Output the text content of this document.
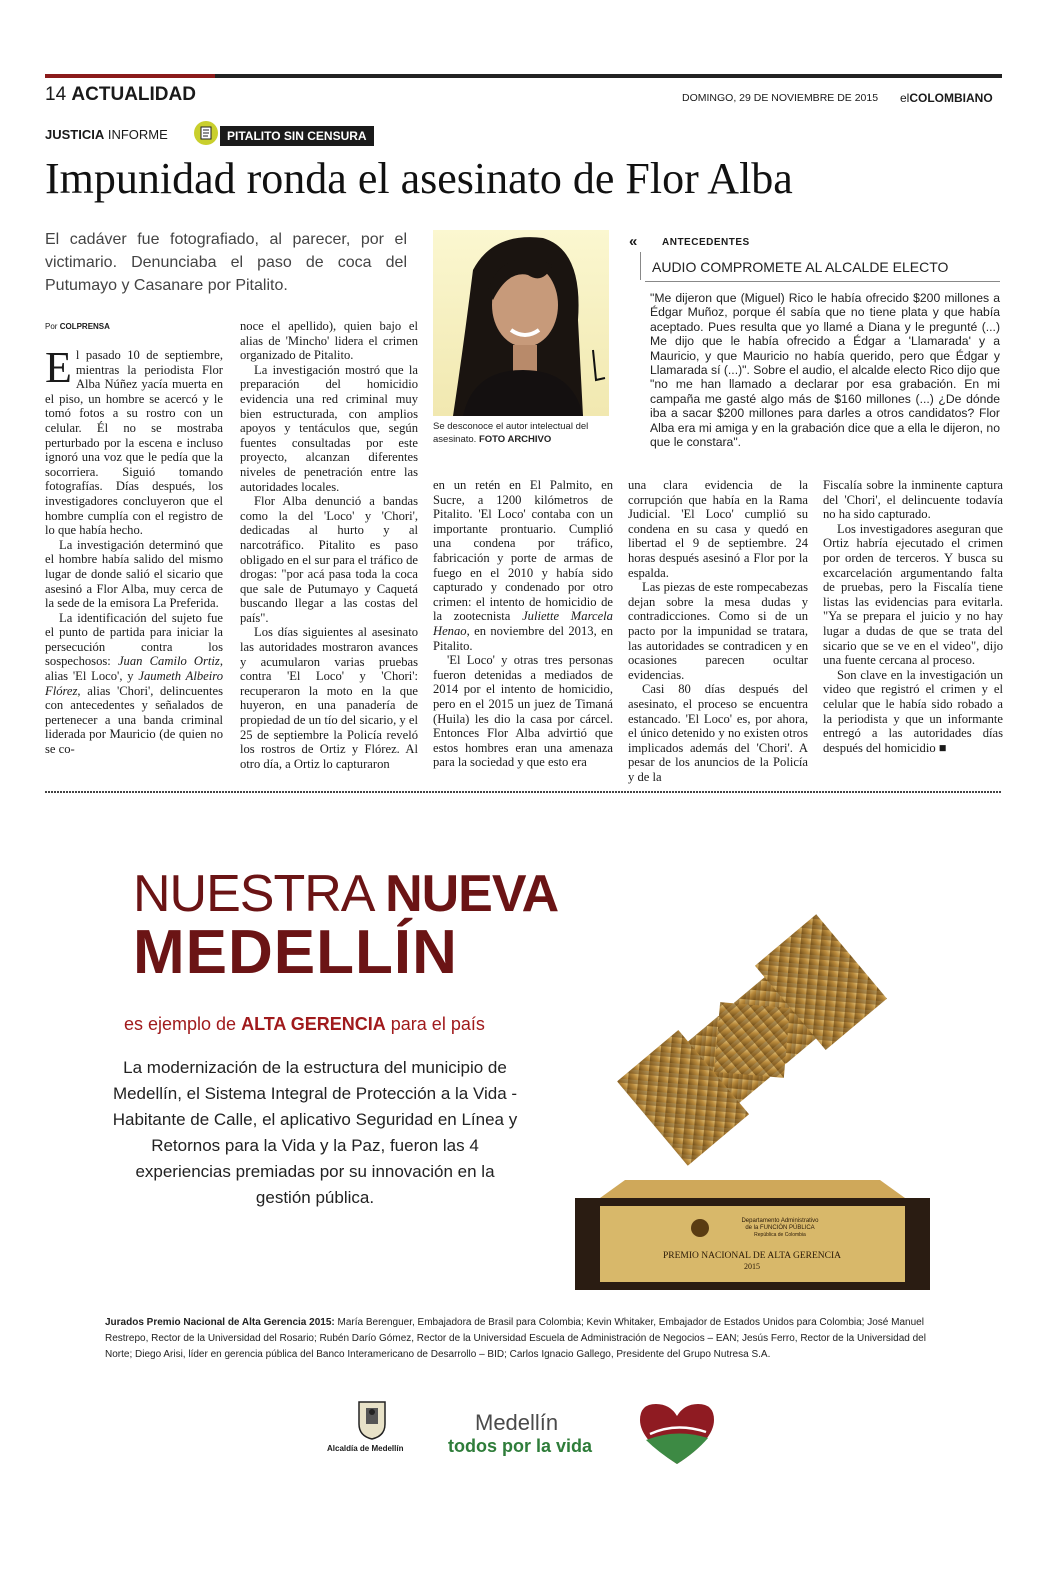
14 ACTUALIDAD	DOMINGO, 29 DE NOVIEMBRE DE 2015 elCOLOMBIANO
JUSTICIA INFORME	PITALITO SIN CENSURA
Impunidad ronda el asesinato de Flor Alba
El cadáver fue fotografiado, al parecer, por el victimario. Denunciaba el paso de coca del Putumayo y Casanare por Pitalito.
Por COLPRENSA
Se desconoce el autor intelectual del asesinato. FOTO ARCHIVO
« ANTECEDENTES
AUDIO COMPROMETE AL ALCALDE ELECTO
"Me dijeron que (Miguel) Rico le había ofrecido $200 millones a Édgar Muñoz, porque él sabía que no tiene plata y que había aceptado. Pues resulta que yo llamé a Diana y le pregunté (...) Me dijo que le había ofrecido a Édgar a 'Llamarada' y a Mauricio, y que Mauricio no había querido, pero que Édgar y Llamarada sí (...)". Sobre el audio, el alcalde electo Rico dijo que "no me han llamado a declarar por esa grabación. En mi campaña me gasté algo más de $160 millones (...) ¿De dónde iba a sacar $200 millones para darles a otros candidatos? Flor Alba era mi amiga y en la grabación dice que a ella le dijeron, no que le constara".

El pasado 10 de septiembre, mientras la periodista Flor Alba Núñez yacía muerta en el piso, un hombre se acercó y le tomó fotos a su rostro con un celular. Él no se mostraba perturbado por la escena e incluso ignoró una voz que le pedía que la socorriera. Siguió tomando fotografías. Días después, los investigadores concluyeron que el hombre cumplía con el registro de lo que había hecho.

La investigación determinó que el hombre había salido del mismo lugar de donde salió el sicario que asesinó a Flor Alba, muy cerca de la sede de la emisora La Preferida.

La identificación del sujeto fue el punto de partida para iniciar la persecución contra los sospechosos: Juan Camilo Ortiz, alias 'El Loco', y Jaumeth Albeiro Flórez, alias 'Chori', delincuentes con antecedentes y señalados de pertenecer a una banda criminal liderada por Mauricio (de quien no se co-

noce el apellido), quien bajo el alias de 'Mincho' lidera el crimen organizado de Pitalito.

La investigación mostró que la preparación del homicidio evidencia una red criminal muy bien estructurada, con amplios apoyos y tentáculos que, según fuentes consultadas por este proyecto, alcanzan diferentes niveles de penetración entre las autoridades locales.

Flor Alba denunció a bandas como la del 'Loco' y 'Chori', dedicadas al hurto y al narcotráfico. Pitalito es paso obligado en el sur para el tráfico de drogas: "por acá pasa toda la coca que sale de Putumayo y Caquetá buscando llegar a las costas del país".

Los días siguientes al asesinato las autoridades mostraron avances y acumularon varias pruebas contra 'El Loco' y 'Chori': recuperaron la moto en la que huyeron, en una panadería de propiedad de un tío del sicario, y el 25 de septiembre la Policía reveló los rostros de Ortiz y Flórez. Al otro día, a Ortiz lo capturaron

en un retén en El Palmito, en Sucre, a 1200 kilómetros de Pitalito. 'El Loco' contaba con un importante prontuario. Cumplió una condena por tráfico, fabricación y porte de armas de fuego en el 2010 y había sido capturado y condenado por otro crimen: el intento de homicidio de la zootecnista Juliette Marcela Henao, en noviembre del 2013, en Pitalito.

'El Loco' y otras tres personas fueron detenidas a mediados de 2014 por el intento de homicidio, pero en el 2015 un juez de Timaná (Huila) les dio la casa por cárcel. Entonces Flor Alba advirtió que estos hombres eran una amenaza para la sociedad y que esto era

una clara evidencia de la corrupción que había en la Rama Judicial. 'El Loco' cumplió su condena en su casa y quedó en libertad el 9 de septiembre. 24 horas después asesinó a Flor por la espalda.

Las piezas de este rompecabezas dejan sobre la mesa dudas y contradicciones. Como si de un pacto por la impunidad se tratara, las autoridades se contradicen y en ocasiones parecen ocultar evidencias.

Casi 80 días después del asesinato, el proceso se encuentra estancado. 'El Loco' es, por ahora, el único detenido y no existen otros implicados además del 'Chori'. A pesar de los anuncios de la Policía y de la

Fiscalía sobre la inminente captura del 'Chori', el delincuente todavía no ha sido capturado.

Los investigadores aseguran que Ortiz habría ejecutado el crimen por orden de terceros. Y busca su excarcelación argumentando falta de pruebas, pero la Fiscalía tiene listas las evidencias para evitarla. "Ya se prepara el juicio y no hay lugar a dudas de que se trata del sicario que se ve en el video", dijo una fuente cercana al proceso.

Son clave en la investigación un video que registró el crimen y el celular que le había sido robado a la periodista y que un informante entregó a las autoridades días después del homicidio ■

NUESTRA NUEVA
MEDELLÍN
es ejemplo de ALTA GERENCIA para el país
La modernización de la estructura del municipio de Medellín, el Sistema Integral de Protección a la Vida - Habitante de Calle, el aplicativo Seguridad en Línea y Retornos para la Vida y la Paz, fueron las 4 experiencias premiadas por su innovación en la gestión pública.
Departamento Administrativo
de la FUNCIÓN PÚBLICA
República de Colombia
PREMIO NACIONAL DE ALTA GERENCIA
2015
Jurados Premio Nacional de Alta Gerencia 2015: María Berenguer, Embajadora de Brasil para Colombia; Kevin Whitaker, Embajador de Estados Unidos para Colombia; José Manuel Restrepo, Rector de la Universidad del Rosario; Rubén Darío Gómez, Rector de la Universidad Escuela de Administración de Negocios – EAN; Jesús Ferro, Rector de la Universidad del Norte; Diego Arisi, líder en gerencia pública del Banco Interamericano de Desarrollo – BID; Carlos Ignacio Gallego, Presidente del Grupo Nutresa S.A.
Alcaldía de Medellín
Medellín
todos por la vida
